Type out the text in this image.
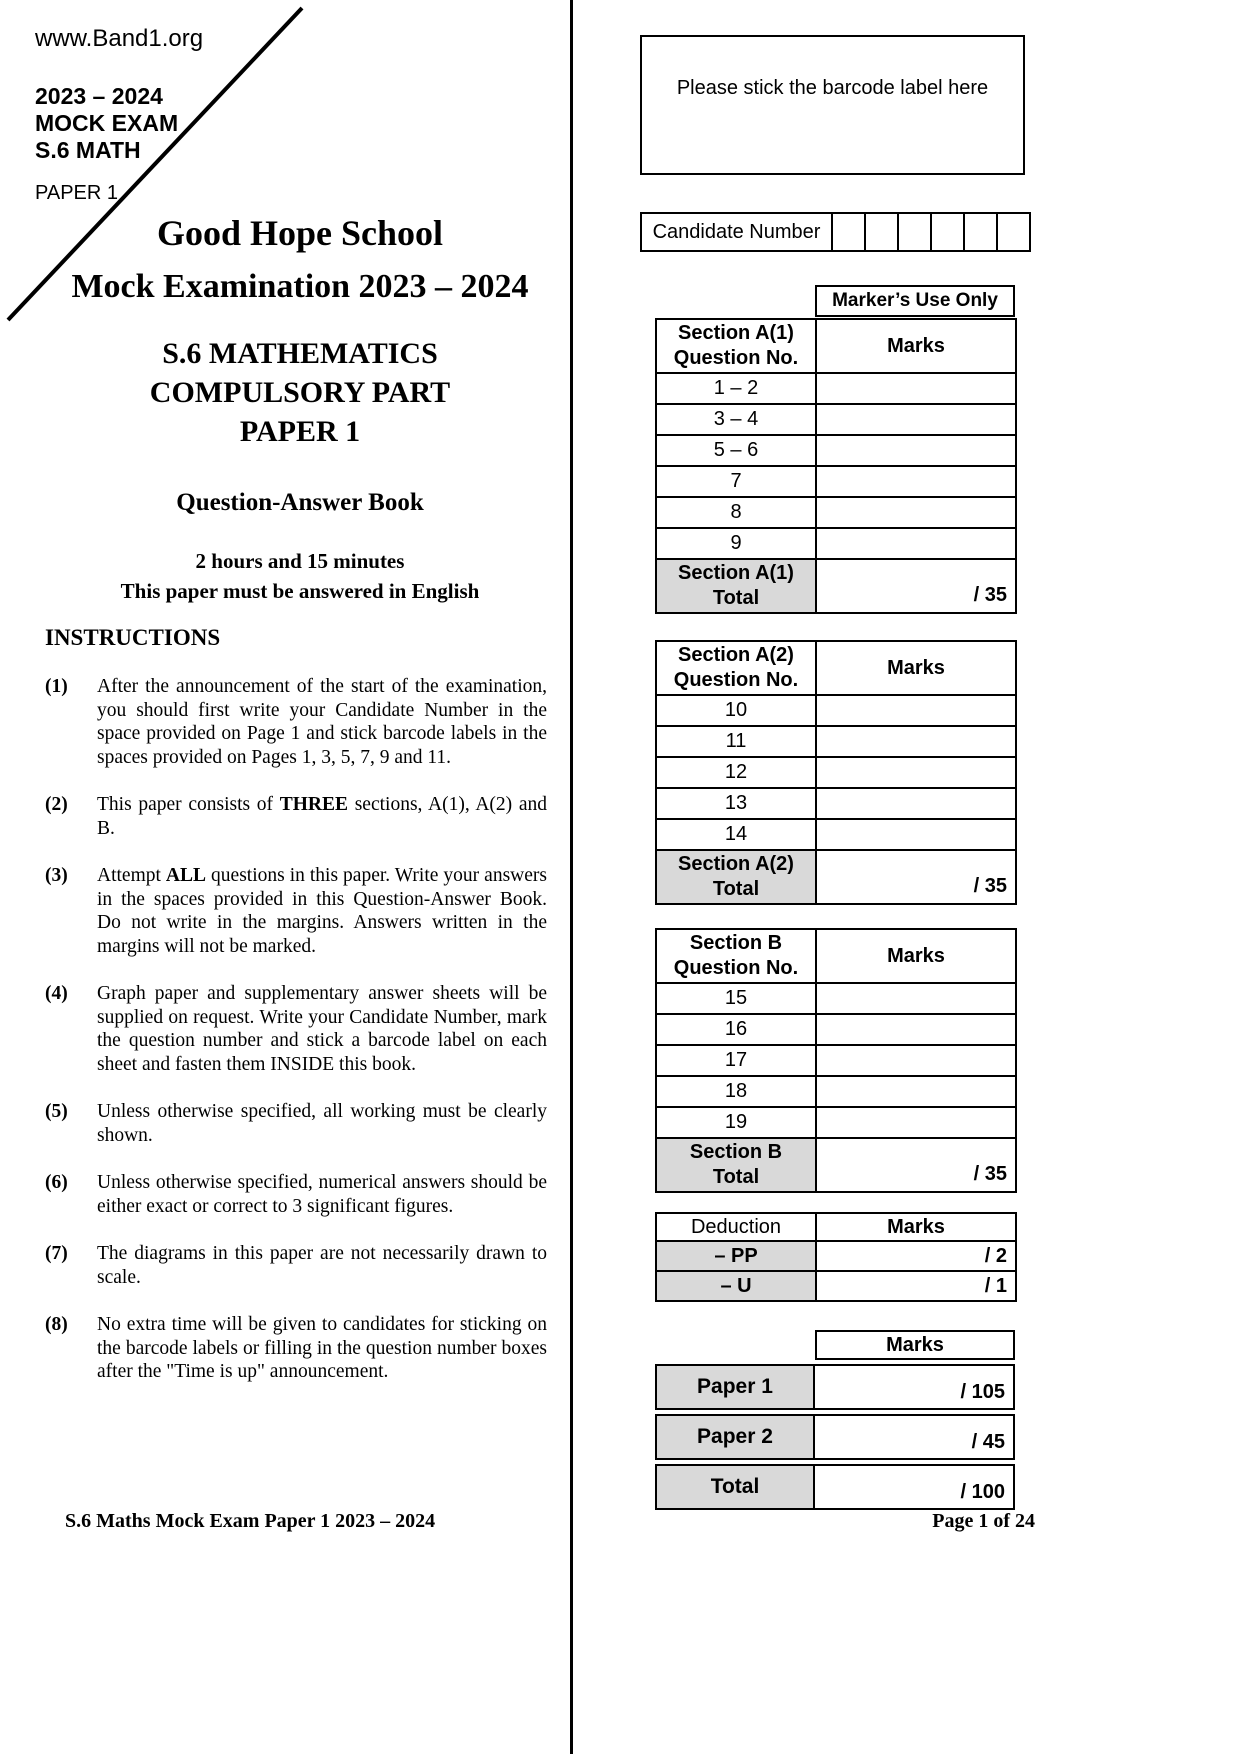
www.Band1.org
2023 – 2024
MOCK EXAM
S.6 MATH
PAPER 1
Good Hope School
Mock Examination 2023 – 2024
S.6 MATHEMATICS
COMPULSORY PART
PAPER 1
Question-Answer Book
2 hours and 15 minutes
This paper must be answered in English
INSTRUCTIONS
(1) After the announcement of the start of the examination, you should first write your Candidate Number in the space provided on Page 1 and stick barcode labels in the spaces provided on Pages 1, 3, 5, 7, 9 and 11.
(2) This paper consists of THREE sections, A(1), A(2) and B.
(3) Attempt ALL questions in this paper. Write your answers in the spaces provided in this Question-Answer Book. Do not write in the margins. Answers written in the margins will not be marked.
(4) Graph paper and supplementary answer sheets will be supplied on request. Write your Candidate Number, mark the question number and stick a barcode label on each sheet and fasten them INSIDE this book.
(5) Unless otherwise specified, all working must be clearly shown.
(6) Unless otherwise specified, numerical answers should be either exact or correct to 3 significant figures.
(7) The diagrams in this paper are not necessarily drawn to scale.
(8) No extra time will be given to candidates for sticking on the barcode labels or filling in the question number boxes after the "Time is up" announcement.
Please stick the barcode label here
Candidate Number
Marker’s Use Only
Section A(1)
Question No.	Marks
1 – 2	
3 – 4	
5 – 6	
7	
8	
9	

Section A(1)
Total	/ 35
Section A(2)
Question No.	Marks
10	
11	
12	
13	
14	

Section A(2)
Total	/ 35
Section B
Question No.	Marks
15	
16	
17	
18	
19	

Section B
Total	/ 35
Deduction	Marks
– PP	/ 2
– U	/ 1
Marks
Paper 1	/ 105
Paper 2	/ 45
Total	/ 100
S.6 Maths Mock Exam Paper 1 2023 – 2024	Page 1 of 24
